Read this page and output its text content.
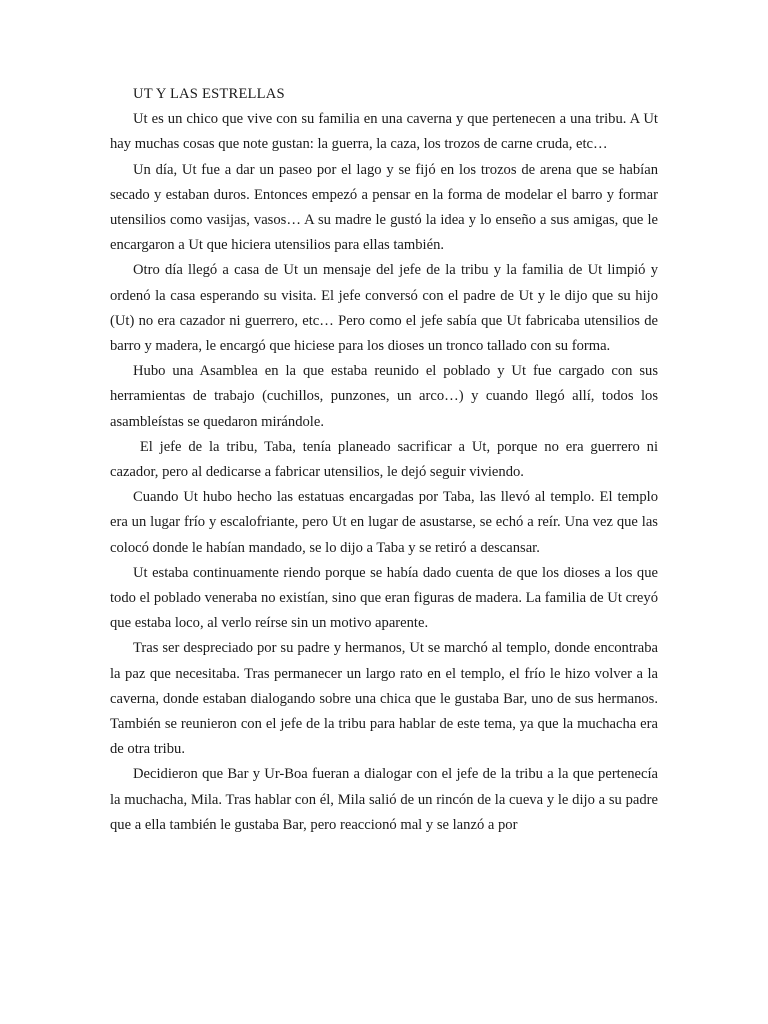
UT Y LAS ESTRELLAS

Ut es un chico que vive con su familia en una caverna y que pertenecen a una tribu. A Ut hay muchas cosas que note gustan: la guerra, la caza, los trozos de carne cruda, etc…

Un día, Ut fue a dar un paseo por el lago y se fijó en los trozos de arena que se habían secado y estaban duros. Entonces empezó a pensar en la forma de modelar el barro y formar utensilios como vasijas, vasos… A su madre le gustó la idea y lo enseño a sus amigas, que le encargaron a Ut que hiciera utensilios para ellas también.

Otro día llegó a casa de Ut un mensaje del jefe de la tribu y la familia de Ut limpió y ordenó la casa esperando su visita. El jefe conversó con el padre de Ut y le dijo que su hijo (Ut) no era cazador ni guerrero, etc… Pero como el jefe sabía que Ut fabricaba utensilios de barro y madera, le encargó que hiciese para los dioses un tronco tallado con su forma.

Hubo una Asamblea en la que estaba reunido el poblado y Ut fue cargado con sus herramientas de trabajo (cuchillos, punzones, un arco…) y cuando llegó allí, todos los asambleístas se quedaron mirándole.

El jefe de la tribu, Taba, tenía planeado sacrificar a Ut, porque no era guerrero ni cazador, pero al dedicarse a fabricar utensilios, le dejó seguir viviendo.

Cuando Ut hubo hecho las estatuas encargadas por Taba, las llevó al templo. El templo era un lugar frío y escalofriante, pero Ut en lugar de asustarse, se echó a reír. Una vez que las colocó donde le habían mandado, se lo dijo a Taba y se retiró a descansar.

Ut estaba continuamente riendo porque se había dado cuenta de que los dioses a los que todo el poblado veneraba no existían, sino que eran figuras de madera. La familia de Ut creyó que estaba loco, al verlo reírse sin un motivo aparente.

Tras ser despreciado por su padre y hermanos, Ut se marchó al templo, donde encontraba la paz que necesitaba. Tras permanecer un largo rato en el templo, el frío le hizo volver a la caverna, donde estaban dialogando sobre una chica que le gustaba Bar, uno de sus hermanos. También se reunieron con el jefe de la tribu para hablar de este tema, ya que la muchacha era de otra tribu.

Decidieron que Bar y Ur-Boa fueran a dialogar con el jefe de la tribu a la que pertenecía la muchacha, Mila. Tras hablar con él, Mila salió de un rincón de la cueva y le dijo a su padre que a ella también le gustaba Bar, pero reaccionó mal y se lanzó a por
